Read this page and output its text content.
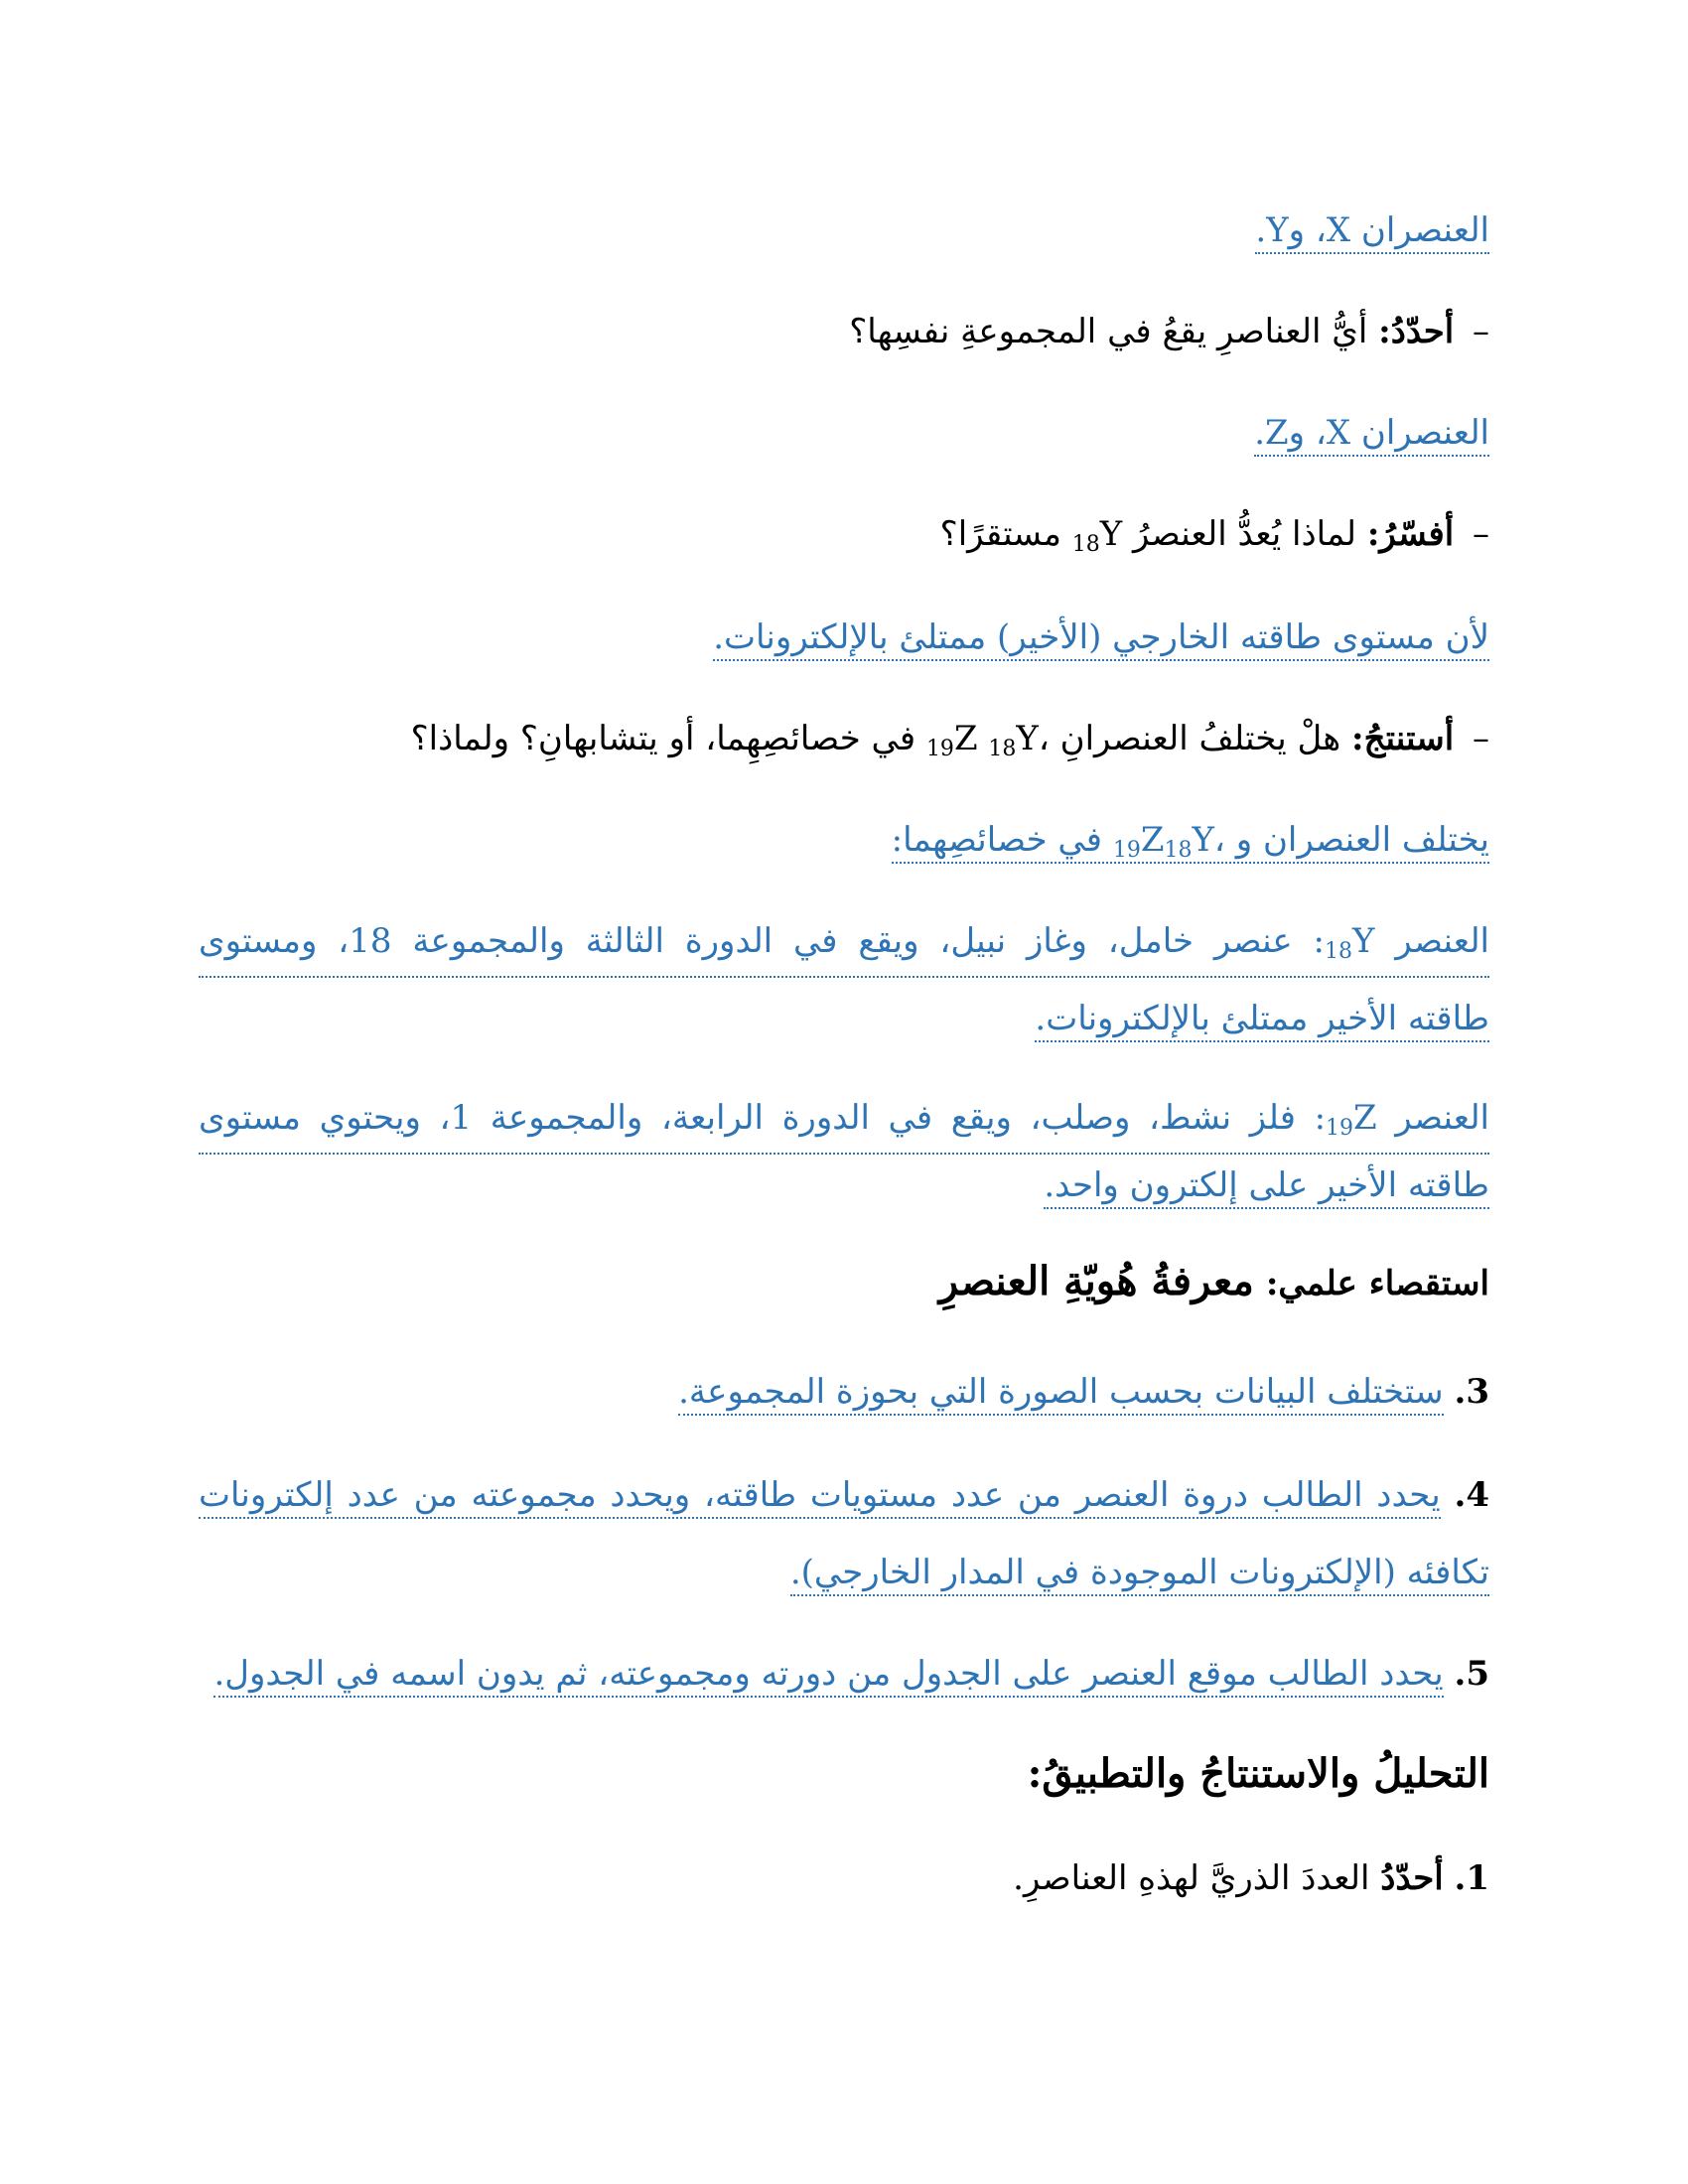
العنصران X، وY.
– أحدّدُ: أيُّ العناصرِ يقعُ في المجموعةِ نفسِها؟
العنصران X، وZ.
– أفسّرُ: لماذا يُعدُّ العنصرُ $_{18}$Y مستقرًا؟
لأن مستوى طاقته الخارجي (الأخير) ممتلئ بالإلكترونات.
– أستنتجُ: هلْ يختلفُ العنصرانِ $_{18}$Y، $_{19}$Z في خصائصِهِما، أو يتشابهانِ؟ ولماذا؟
يختلف العنصران $_{18}$Y، و$_{19}$Z في خصائصِهما:
العنصر $_{18}$Y: عنصر خامل، وغاز نبيل، ويقع في الدورة الثالثة والمجموعة 18، ومستوى
طاقته الأخير ممتلئ بالإلكترونات.
العنصر $_{19}$Z: فلز نشط، وصلب، ويقع في الدورة الرابعة، والمجموعة 1، ويحتوي مستوى
طاقته الأخير على إلكترون واحد.
استقصاء علمي: معرفةُ هُويّةِ العنصرِ
3. ستختلف البيانات بحسب الصورة التي بحوزة المجموعة.
4. يحدد الطالب دروة العنصر من عدد مستويات طاقته، ويحدد مجموعته من عدد إلكترونات
تكافئه (الإلكترونات الموجودة في المدار الخارجي).
5. يحدد الطالب موقع العنصر على الجدول من دورته ومجموعته، ثم يدون اسمه في الجدول.
التحليلُ والاستنتاجُ والتطبيقُ:
1. أحدّدُ العددَ الذريَّ لهذهِ العناصرِ.
